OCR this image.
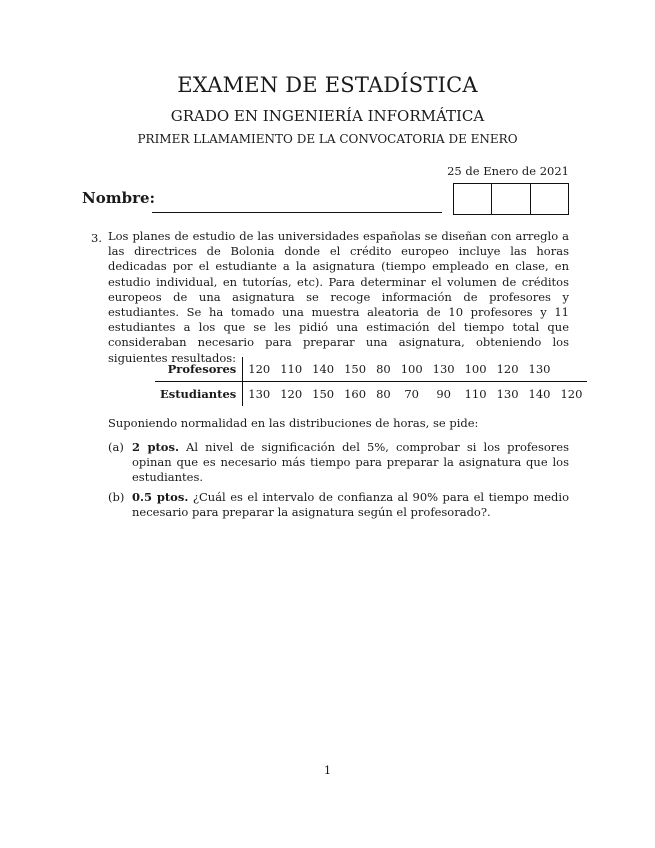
EXAMEN DE ESTADÍSTICA
GRADO EN INGENIERÍA INFORMÁTICA
PRIMER LLAMAMIENTO DE LA CONVOCATORIA DE ENERO
25 de Enero de 2021
Nombre:
3. Los planes de estudio de las universidades españolas se diseñan con arreglo a las directrices de Bolonia donde el crédito europeo incluye las horas dedicadas por el estudiante a la asignatura (tiempo empleado en clase, en estudio individual, en tutorías, etc). Para determinar el volumen de créditos europeos de una asignatura se recoge información de profesores y estudiantes. Se ha tomado una muestra aleatoria de 10 profesores y 11 estudiantes a los que se les pidió una estimación del tiempo total que consideraban necesario para preparar una asignatura, obteniendo los siguientes resultados:
Profesores	120	110	140	150	80	100	130	100	120	130	
Estudiantes	130	120	150	160	80	70	90	110	130	140	120
Suponiendo normalidad en las distribuciones de horas, se pide:
(a) 2 ptos. Al nivel de significación del 5%, comprobar si los profesores opinan que es necesario más tiempo para preparar la asignatura que los estudiantes.
(b) 0.5 ptos. ¿Cuál es el intervalo de confianza al 90% para el tiempo medio necesario para preparar la asignatura según el profesorado?.
1
